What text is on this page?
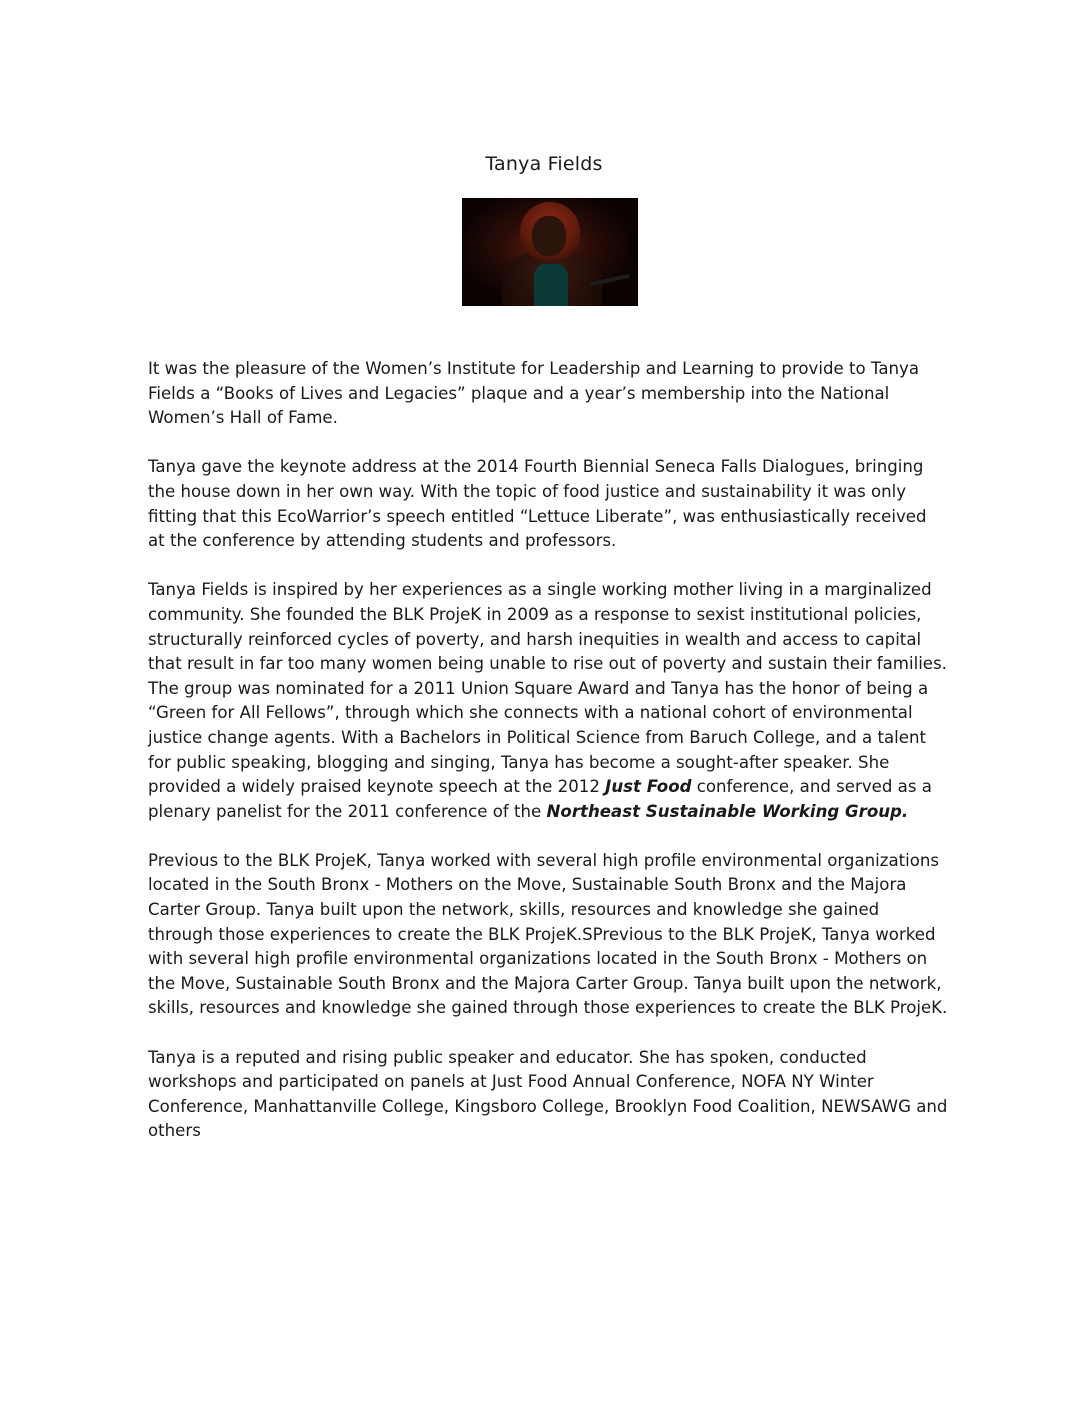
Tanya Fields

It was the pleasure of the Women’s Institute for Leadership and Learning to provide to Tanya Fields a “Books of Lives and Legacies” plaque and a year’s membership into the National Women’s Hall of Fame.

Tanya gave the keynote address at the 2014 Fourth Biennial Seneca Falls Dialogues, bringing the house down in her own way. With the topic of food justice and sustainability it was only fitting that this EcoWarrior’s speech entitled “Lettuce Liberate”, was enthusiastically received at the conference by attending students and professors.

Tanya Fields is inspired by her experiences as a single working mother living in a marginalized community. She founded the BLK ProjeK in 2009 as a response to sexist institutional policies, structurally reinforced cycles of poverty, and harsh inequities in wealth and access to capital that result in far too many women being unable to rise out of poverty and sustain their families. The group was nominated for a 2011 Union Square Award and Tanya has the honor of being a “Green for All Fellows”, through which she connects with a national cohort of environmental justice change agents. With a Bachelors in Political Science from Baruch College, and a talent for public speaking, blogging and singing, Tanya has become a sought-after speaker. She provided a widely praised keynote speech at the 2012 Just Food conference, and served as a plenary panelist for the 2011 conference of the Northeast Sustainable Working Group.

Previous to the BLK ProjeK, Tanya worked with several high profile environmental organizations located in the South Bronx - Mothers on the Move, Sustainable South Bronx and the Majora Carter Group. Tanya built upon the network, skills, resources and knowledge she gained through those experiences to create the BLK ProjeK.SPrevious to the BLK ProjeK, Tanya worked with several high profile environmental organizations located in the South Bronx - Mothers on the Move, Sustainable South Bronx and the Majora Carter Group. Tanya built upon the network, skills, resources and knowledge she gained through those experiences to create the BLK ProjeK.

Tanya is a reputed and rising public speaker and educator. She has spoken, conducted workshops and participated on panels at Just Food Annual Conference, NOFA NY Winter Conference, Manhattanville College, Kingsboro College, Brooklyn Food Coalition, NEWSAWG and others
